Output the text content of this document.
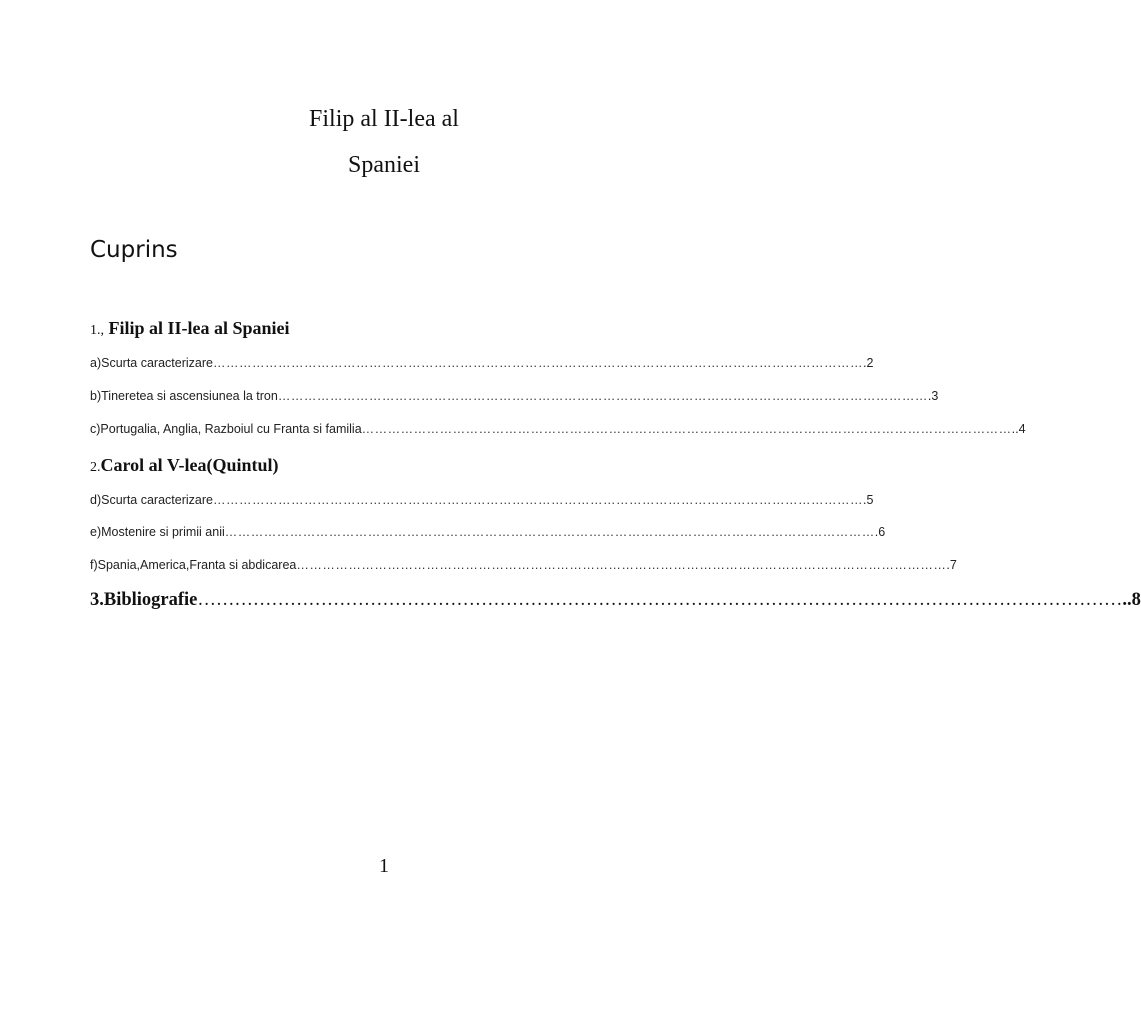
Filip al II-lea al
Spaniei
Cuprins
1., Filip al II-lea al Spaniei
a)Scurta caracterizare …………………………………………………………………………………………………………………………………… .2
b)Tineretea si ascensiunea la tron …………………………………………………………………………………………………………………………………… .3
c)Portugalia, Anglia, Razboiul cu Franta si familia …………………………………………………………………………………………………………………………………… ..4
2.Carol al V-lea(Quintul)
d)Scurta caracterizare …………………………………………………………………………………………………………………………………… .5
e)Mostenire si primii anii …………………………………………………………………………………………………………………………………… .6
f)Spania,America,Franta si abdicarea …………………………………………………………………………………………………………………………………… .7
3.Bibliografie …………………………………………………………………………………………………………………………………… ..8
1
